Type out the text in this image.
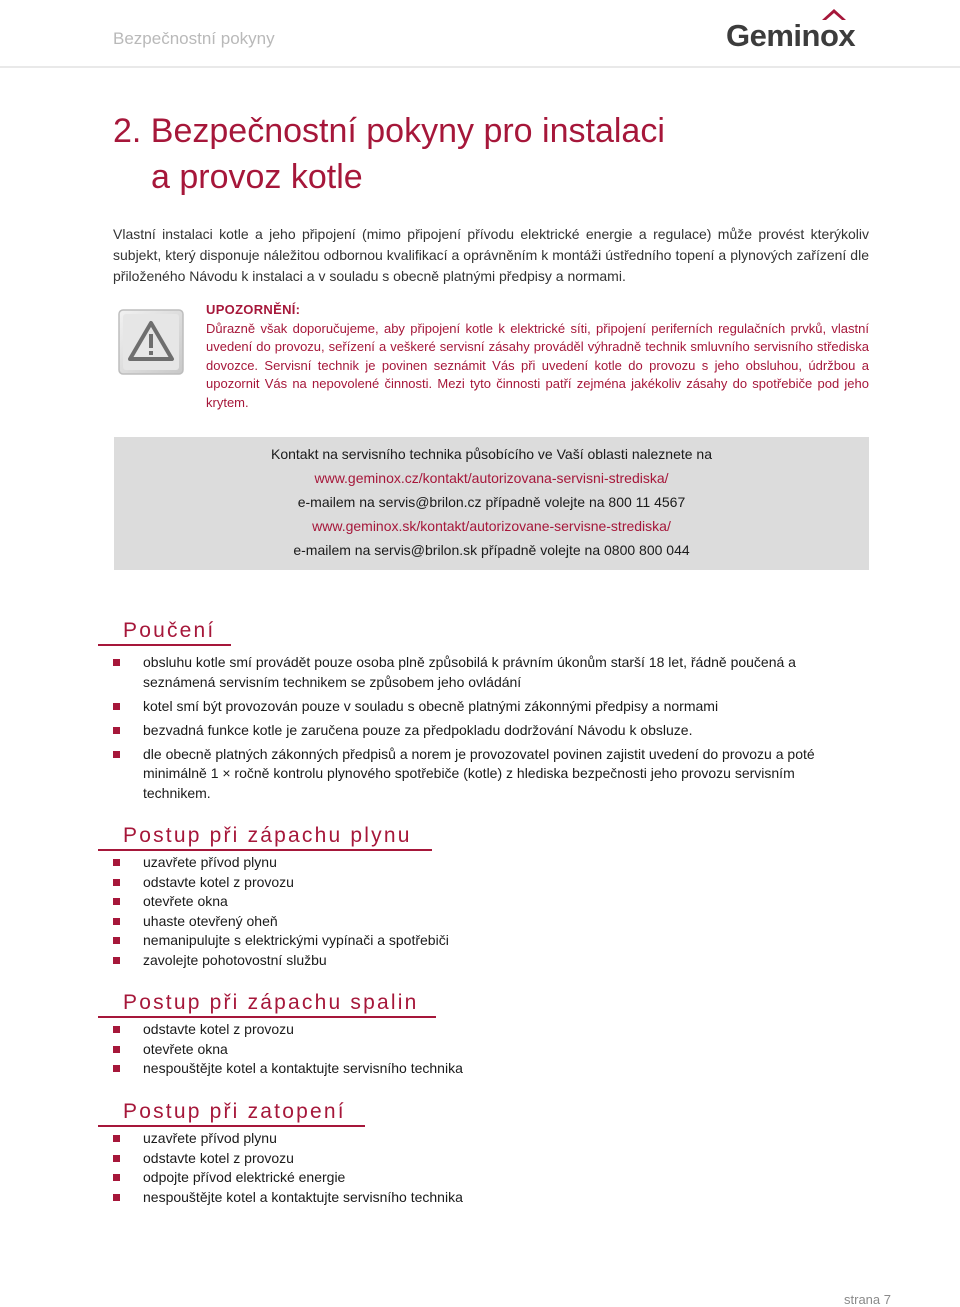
Bezpečnostní pokyny	Geminox
2. Bezpečnostní pokyny pro instalaci
a provoz kotle
Vlastní instalaci kotle a jeho připojení (mimo připojení přívodu elektrické energie a regulace) může provést kterýkoliv subjekt, který disponuje náležitou odbornou kvalifikací a oprávněním k montáži ústředního topení a plynových zařízení dle přiloženého Návodu k instalaci a v souladu s obecně platnými předpisy a normami.
UPOZORNĚNÍ:
Důrazně však doporučujeme, aby připojení kotle k elektrické síti, připojení periferních regulačních prvků, vlastní uvedení do provozu, seřízení a veškeré servisní zásahy prováděl výhradně technik smluvního servisního střediska dovozce. Servisní technik je povinen seznámit Vás při uvedení kotle do provozu s jeho obsluhou, údržbou a upozornit Vás na nepovolené činnosti. Mezi tyto činnosti patří zejména jakékoliv zásahy do spotřebiče pod jeho krytem.
Kontakt na servisního technika působícího ve Vaší oblasti naleznete na
www.geminox.cz/kontakt/autorizovana-servisni-strediska/
e-mailem na servis@brilon.cz případně volejte na 800 11 4567
www.geminox.sk/kontakt/autorizovane-servisne-strediska/
e-mailem na servis@brilon.sk případně volejte na 0800 800 044
Poučení
obsluhu kotle smí provádět pouze osoba plně způsobilá k právním úkonům starší 18 let, řádně poučená a seznámená servisním technikem se způsobem jeho ovládání
kotel smí být provozován pouze v souladu s obecně platnými zákonnými předpisy a normami
bezvadná funkce kotle je zaručena pouze za předpokladu dodržování Návodu k obsluze.
dle obecně platných zákonných předpisů a norem je provozovatel povinen zajistit uvedení do provozu a poté minimálně 1 × ročně kontrolu plynového spotřebiče (kotle) z hlediska bezpečnosti jeho provozu servisním technikem.
Postup při zápachu plynu
uzavřete přívod plynu
odstavte kotel z provozu
otevřete okna
uhaste otevřený oheň
nemanipulujte s elektrickými vypínači a spotřebiči
zavolejte pohotovostní službu
Postup při zápachu spalin
odstavte kotel z provozu
otevřete okna
nespouštějte kotel a kontaktujte servisního technika
Postup při zatopení
uzavřete přívod plynu
odstavte kotel z provozu
odpojte přívod elektrické energie
nespouštějte kotel a kontaktujte servisního technika
strana 7
